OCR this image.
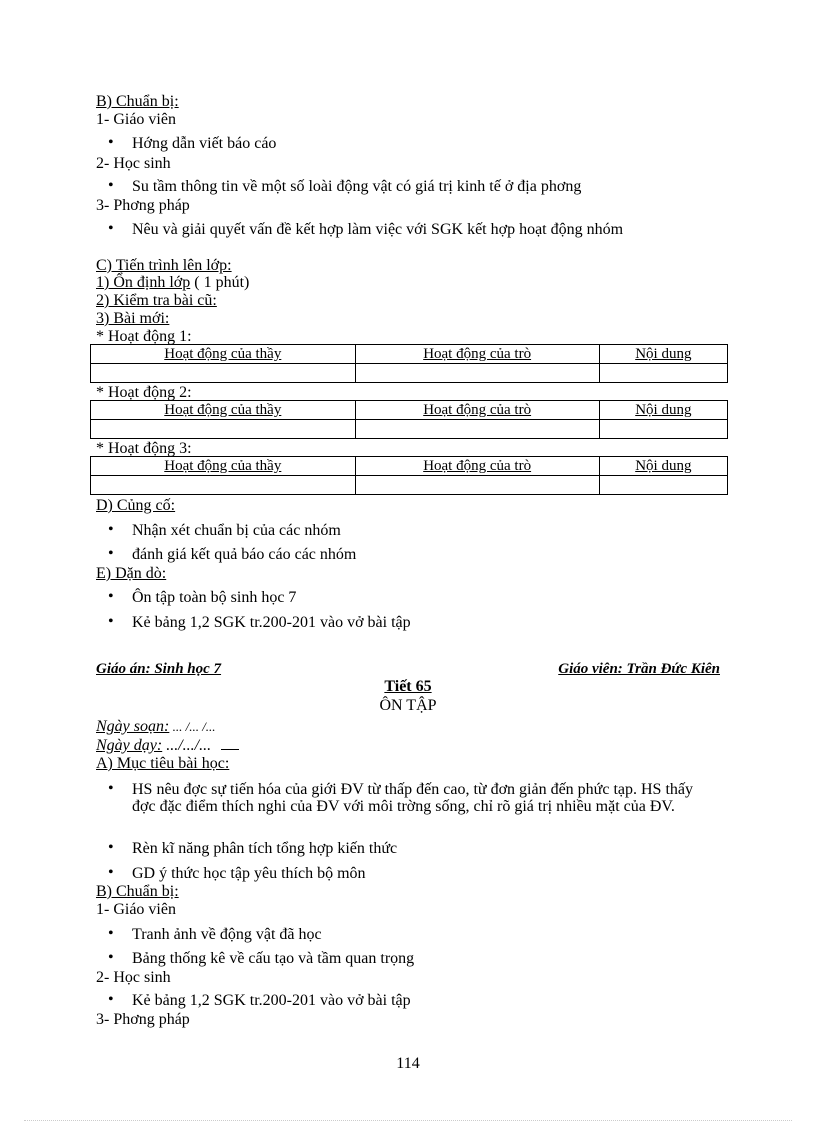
B) Chuẩn bị:
1- Giáo viên
• Hớng dẫn viết báo cáo
2- Học sinh
• Su tầm thông tin về một số loài động vật có giá trị kinh tế ở địa phơng
3- Phơng pháp
• Nêu và giải quyết vấn đề kết hợp làm việc với SGK kết hợp hoạt động nhóm
C) Tiến trình lên lớp:
1) Ổn định lớp ( 1 phút)
2) Kiểm tra bài cũ:
3) Bài mới:
* Hoạt động 1:
Hoạt động của thầy	Hoạt động của trò	Nội dung

* Hoạt động 2:
Hoạt động của thầy	Hoạt động của trò	Nội dung

* Hoạt động 3:
Hoạt động của thầy	Hoạt động của trò	Nội dung

D) Củng cố:
• Nhận xét chuẩn bị của các nhóm
• đánh giá kết quả báo cáo các nhóm
E) Dặn dò:
• Ôn tập toàn bộ sinh học 7
• Kẻ bảng 1,2 SGK tr.200-201 vào vở bài tập
Giáo án: Sinh học 7	Giáo viên: Trần Đức Kiên
Tiết 65
ÔN TẬP
Ngày soạn: ... /... /...
Ngày dạy: .../.../...
A) Mục tiêu bài học:
• HS nêu đợc sự tiến hóa của giới ĐV từ thấp đến cao, từ đơn giản đến phức tạp. HS thấy đợc đặc điểm thích nghi của ĐV với môi trờng sống, chỉ rõ giá trị nhiều mặt của ĐV.
• Rèn kĩ năng phân tích tổng hợp kiến thức
• GD ý thức học tập yêu thích bộ môn
B) Chuẩn bị:
1- Giáo viên
• Tranh ảnh về động vật đã học
• Bảng thống kê về cấu tạo và tầm quan trọng
2- Học sinh
• Kẻ bảng 1,2 SGK tr.200-201 vào vở bài tập
3- Phơng pháp
114
